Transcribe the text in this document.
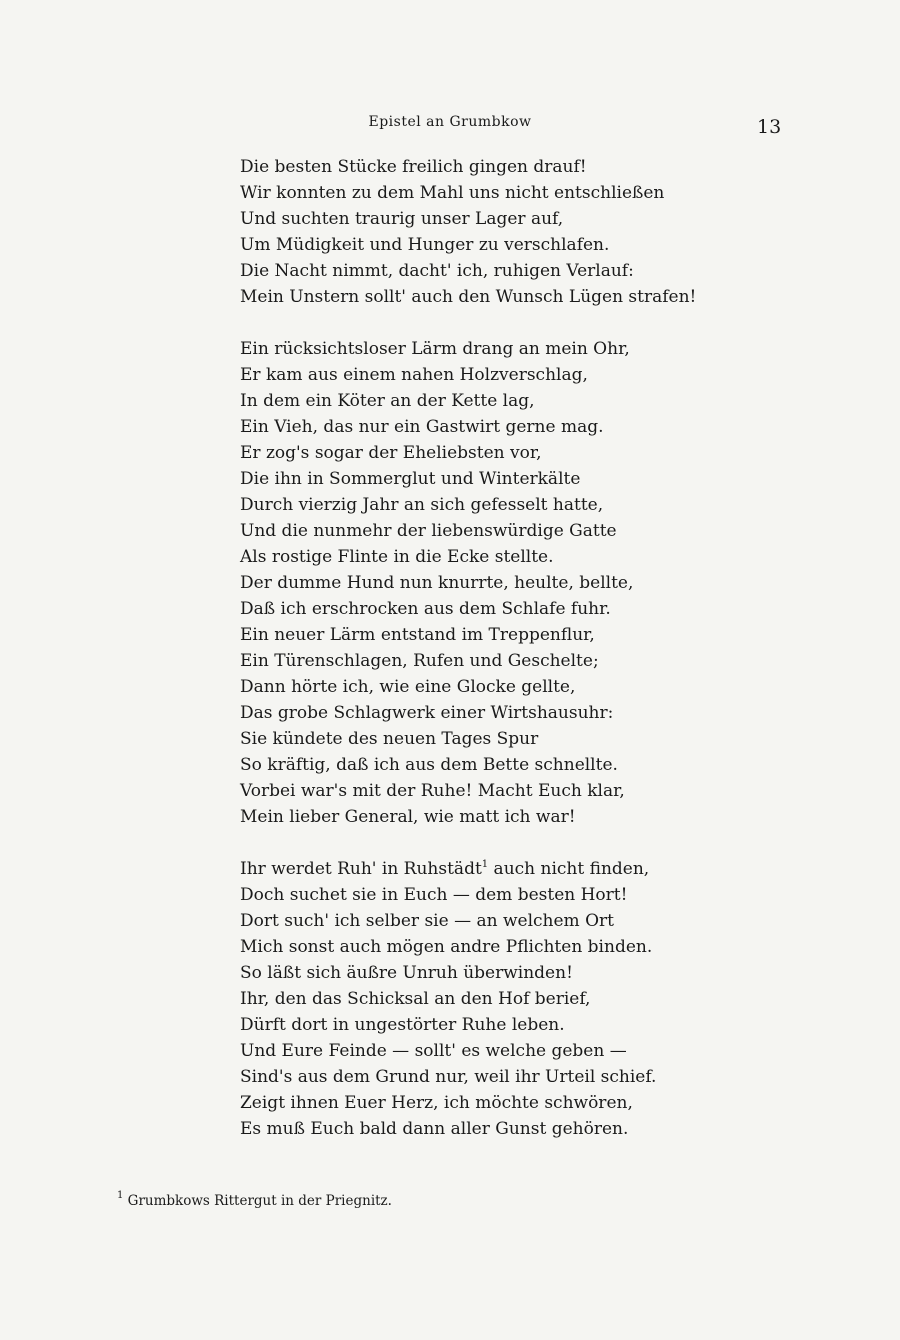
Epistel an Grumbkow	13
Die besten Stücke freilich gingen drauf!
Wir konnten zu dem Mahl uns nicht entschließen
Und suchten traurig unser Lager auf,
Um Müdigkeit und Hunger zu verschlafen.
Die Nacht nimmt, dacht' ich, ruhigen Verlauf:
Mein Unstern sollt' auch den Wunsch Lügen strafen!
Ein rücksichtsloser Lärm drang an mein Ohr,
Er kam aus einem nahen Holzverschlag,
In dem ein Köter an der Kette lag,
Ein Vieh, das nur ein Gastwirt gerne mag.
Er zog's sogar der Eheliebsten vor,
Die ihn in Sommerglut und Winterkälte
Durch vierzig Jahr an sich gefesselt hatte,
Und die nunmehr der liebenswürdige Gatte
Als rostige Flinte in die Ecke stellte.
Der dumme Hund nun knurrte, heulte, bellte,
Daß ich erschrocken aus dem Schlafe fuhr.
Ein neuer Lärm entstand im Treppenflur,
Ein Türenschlagen, Rufen und Geschelte;
Dann hörte ich, wie eine Glocke gellte,
Das grobe Schlagwerk einer Wirtshausuhr:
Sie kündete des neuen Tages Spur
So kräftig, daß ich aus dem Bette schnellte.
Vorbei war's mit der Ruhe! Macht Euch klar,
Mein lieber General, wie matt ich war!
Ihr werdet Ruh' in Ruhstädt$^1$ auch nicht finden,
Doch suchet sie in Euch — dem besten Hort!
Dort such' ich selber sie — an welchem Ort
Mich sonst auch mögen andre Pflichten binden.
So läßt sich äußre Unruh überwinden!
Ihr, den das Schicksal an den Hof berief,
Dürft dort in ungestörter Ruhe leben.
Und Eure Feinde — sollt' es welche geben —
Sind's aus dem Grund nur, weil ihr Urteil schief.
Zeigt ihnen Euer Herz, ich möchte schwören,
Es muß Euch bald dann aller Gunst gehören.
$^1$ Grumbkows Rittergut in der Priegnitz.
